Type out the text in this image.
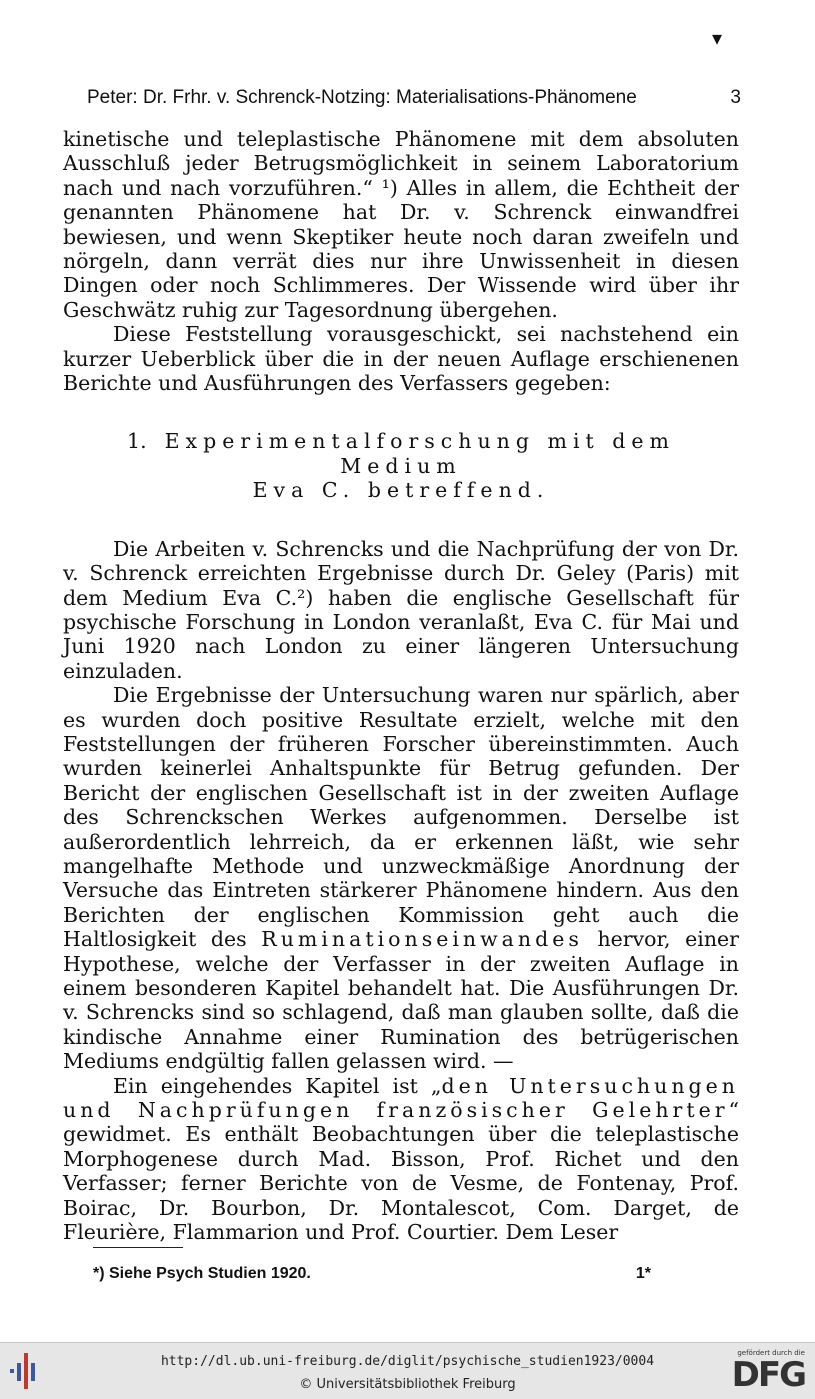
▾
Peter: Dr. Frhr. v. Schrenck-Notzing: Materialisations-Phänomene	3

kinetische und teleplastische Phänomene mit dem absoluten Ausschluß jeder Betrugsmöglichkeit in seinem Laboratorium nach und nach vorzuführen.“ ¹) Alles in allem, die Echtheit der genannten Phänomene hat Dr. v. Schrenck einwandfrei bewiesen, und wenn Skeptiker heute noch daran zweifeln und nörgeln, dann verrät dies nur ihre Unwissenheit in diesen Dingen oder noch Schlimmeres. Der Wissende wird über ihr Geschwätz ruhig zur Tagesordnung übergehen.

Diese Feststellung vorausgeschickt, sei nachstehend ein kurzer Ueberblick über die in der neuen Auflage erschienenen Berichte und Ausführungen des Verfassers gegeben:

1. Experimentalforschung mit dem Medium
Eva C. betreffend.

Die Arbeiten v. Schrencks und die Nachprüfung der von Dr. v. Schrenck erreichten Ergebnisse durch Dr. Geley (Paris) mit dem Medium Eva C.²) haben die englische Gesellschaft für psychische Forschung in London veranlaßt, Eva C. für Mai und Juni 1920 nach London zu einer längeren Untersuchung einzuladen.

Die Ergebnisse der Untersuchung waren nur spärlich, aber es wurden doch positive Resultate erzielt, welche mit den Feststellungen der früheren Forscher übereinstimmten. Auch wurden keinerlei Anhaltspunkte für Betrug gefunden. Der Bericht der englischen Gesellschaft ist in der zweiten Auflage des Schrenckschen Werkes aufgenommen. Derselbe ist außerordentlich lehrreich, da er erkennen läßt, wie sehr mangelhafte Methode und unzweckmäßige Anordnung der Versuche das Eintreten stärkerer Phänomene hindern. Aus den Berichten der englischen Kommission geht auch die Haltlosigkeit des Ruminationseinwandes hervor, einer Hypothese, welche der Verfasser in der zweiten Auflage in einem besonderen Kapitel behandelt hat. Die Ausführungen Dr. v. Schrencks sind so schlagend, daß man glauben sollte, daß die kindische Annahme einer Rumination des betrügerischen Mediums endgültig fallen gelassen wird. —

Ein eingehendes Kapitel ist „den Untersuchungen und Nachprüfungen französischer Gelehrter“ gewidmet. Es enthält Beobachtungen über die teleplastische Morphogenese durch Mad. Bisson, Prof. Richet und den Verfasser; ferner Berichte von de Vesme, de Fontenay, Prof. Boirac, Dr. Bourbon, Dr. Montalescot, Com. Darget, de Fleurière, Flammarion und Prof. Courtier. Dem Leser

*) Siehe Psych Studien 1920.	1*
http://dl.ub.uni-freiburg.de/diglit/psychische_studien1923/0004
© Universitätsbibliothek Freiburg
gefördert durch die
DFG
